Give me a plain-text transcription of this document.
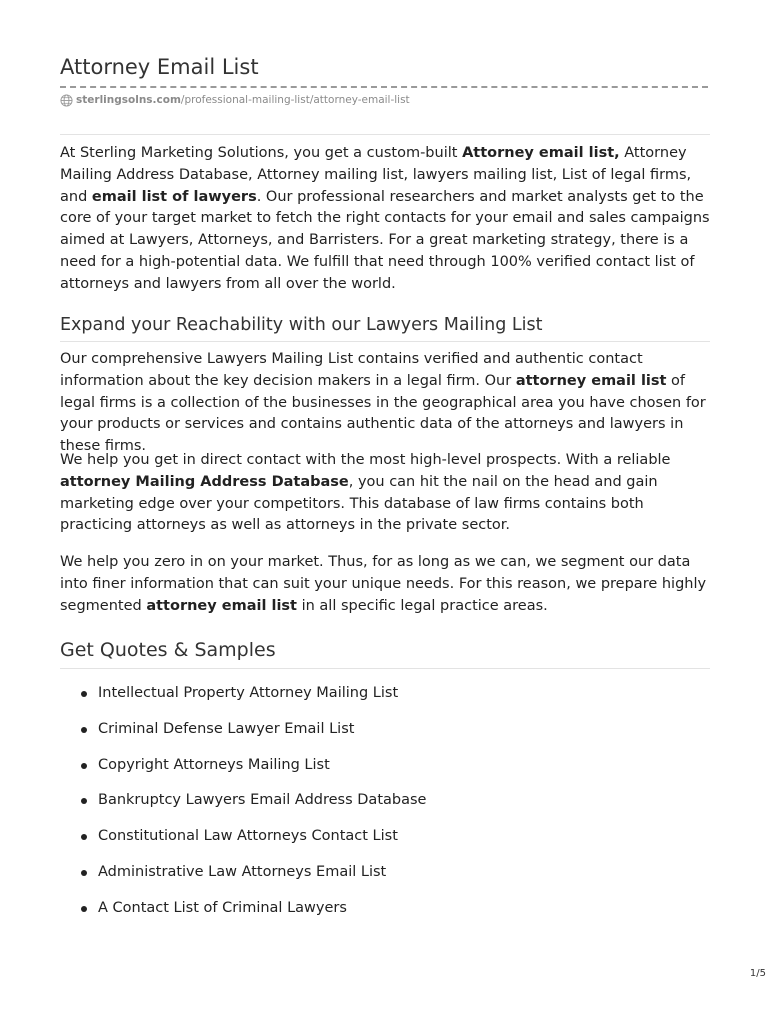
Attorney Email List
sterlingsolns.com /professional-mailing-list/attorney-email-list

At Sterling Marketing Solutions, you get a custom-built Attorney email list, Attorney Mailing Address Database, Attorney mailing list, lawyers mailing list, List of legal firms, and email list of lawyers. Our professional researchers and market analysts get to the core of your target market to fetch the right contacts for your email and sales campaigns aimed at Lawyers, Attorneys, and Barristers. For a great marketing strategy, there is a need for a high-potential data. We fulfill that need through 100% verified contact list of attorneys and lawyers from all over the world.

Expand your Reachability with our Lawyers Mailing List

Our comprehensive Lawyers Mailing List contains verified and authentic contact information about the key decision makers in a legal firm. Our attorney email list of legal firms is a collection of the businesses in the geographical area you have chosen for your products or services and contains authentic data of the attorneys and lawyers in these firms.

We help you get in direct contact with the most high-level prospects. With a reliable attorney Mailing Address Database, you can hit the nail on the head and gain marketing edge over your competitors. This database of law firms contains both practicing attorneys as well as attorneys in the private sector.

We help you zero in on your market. Thus, for as long as we can, we segment our data into finer information that can suit your unique needs. For this reason, we prepare highly segmented attorney email list in all specific legal practice areas.

Get Quotes & Samples
Intellectual Property Attorney Mailing List
Criminal Defense Lawyer Email List
Copyright Attorneys Mailing List
Bankruptcy Lawyers Email Address Database
Constitutional Law Attorneys Contact List
Administrative Law Attorneys Email List
A Contact List of Criminal Lawyers
1/5
